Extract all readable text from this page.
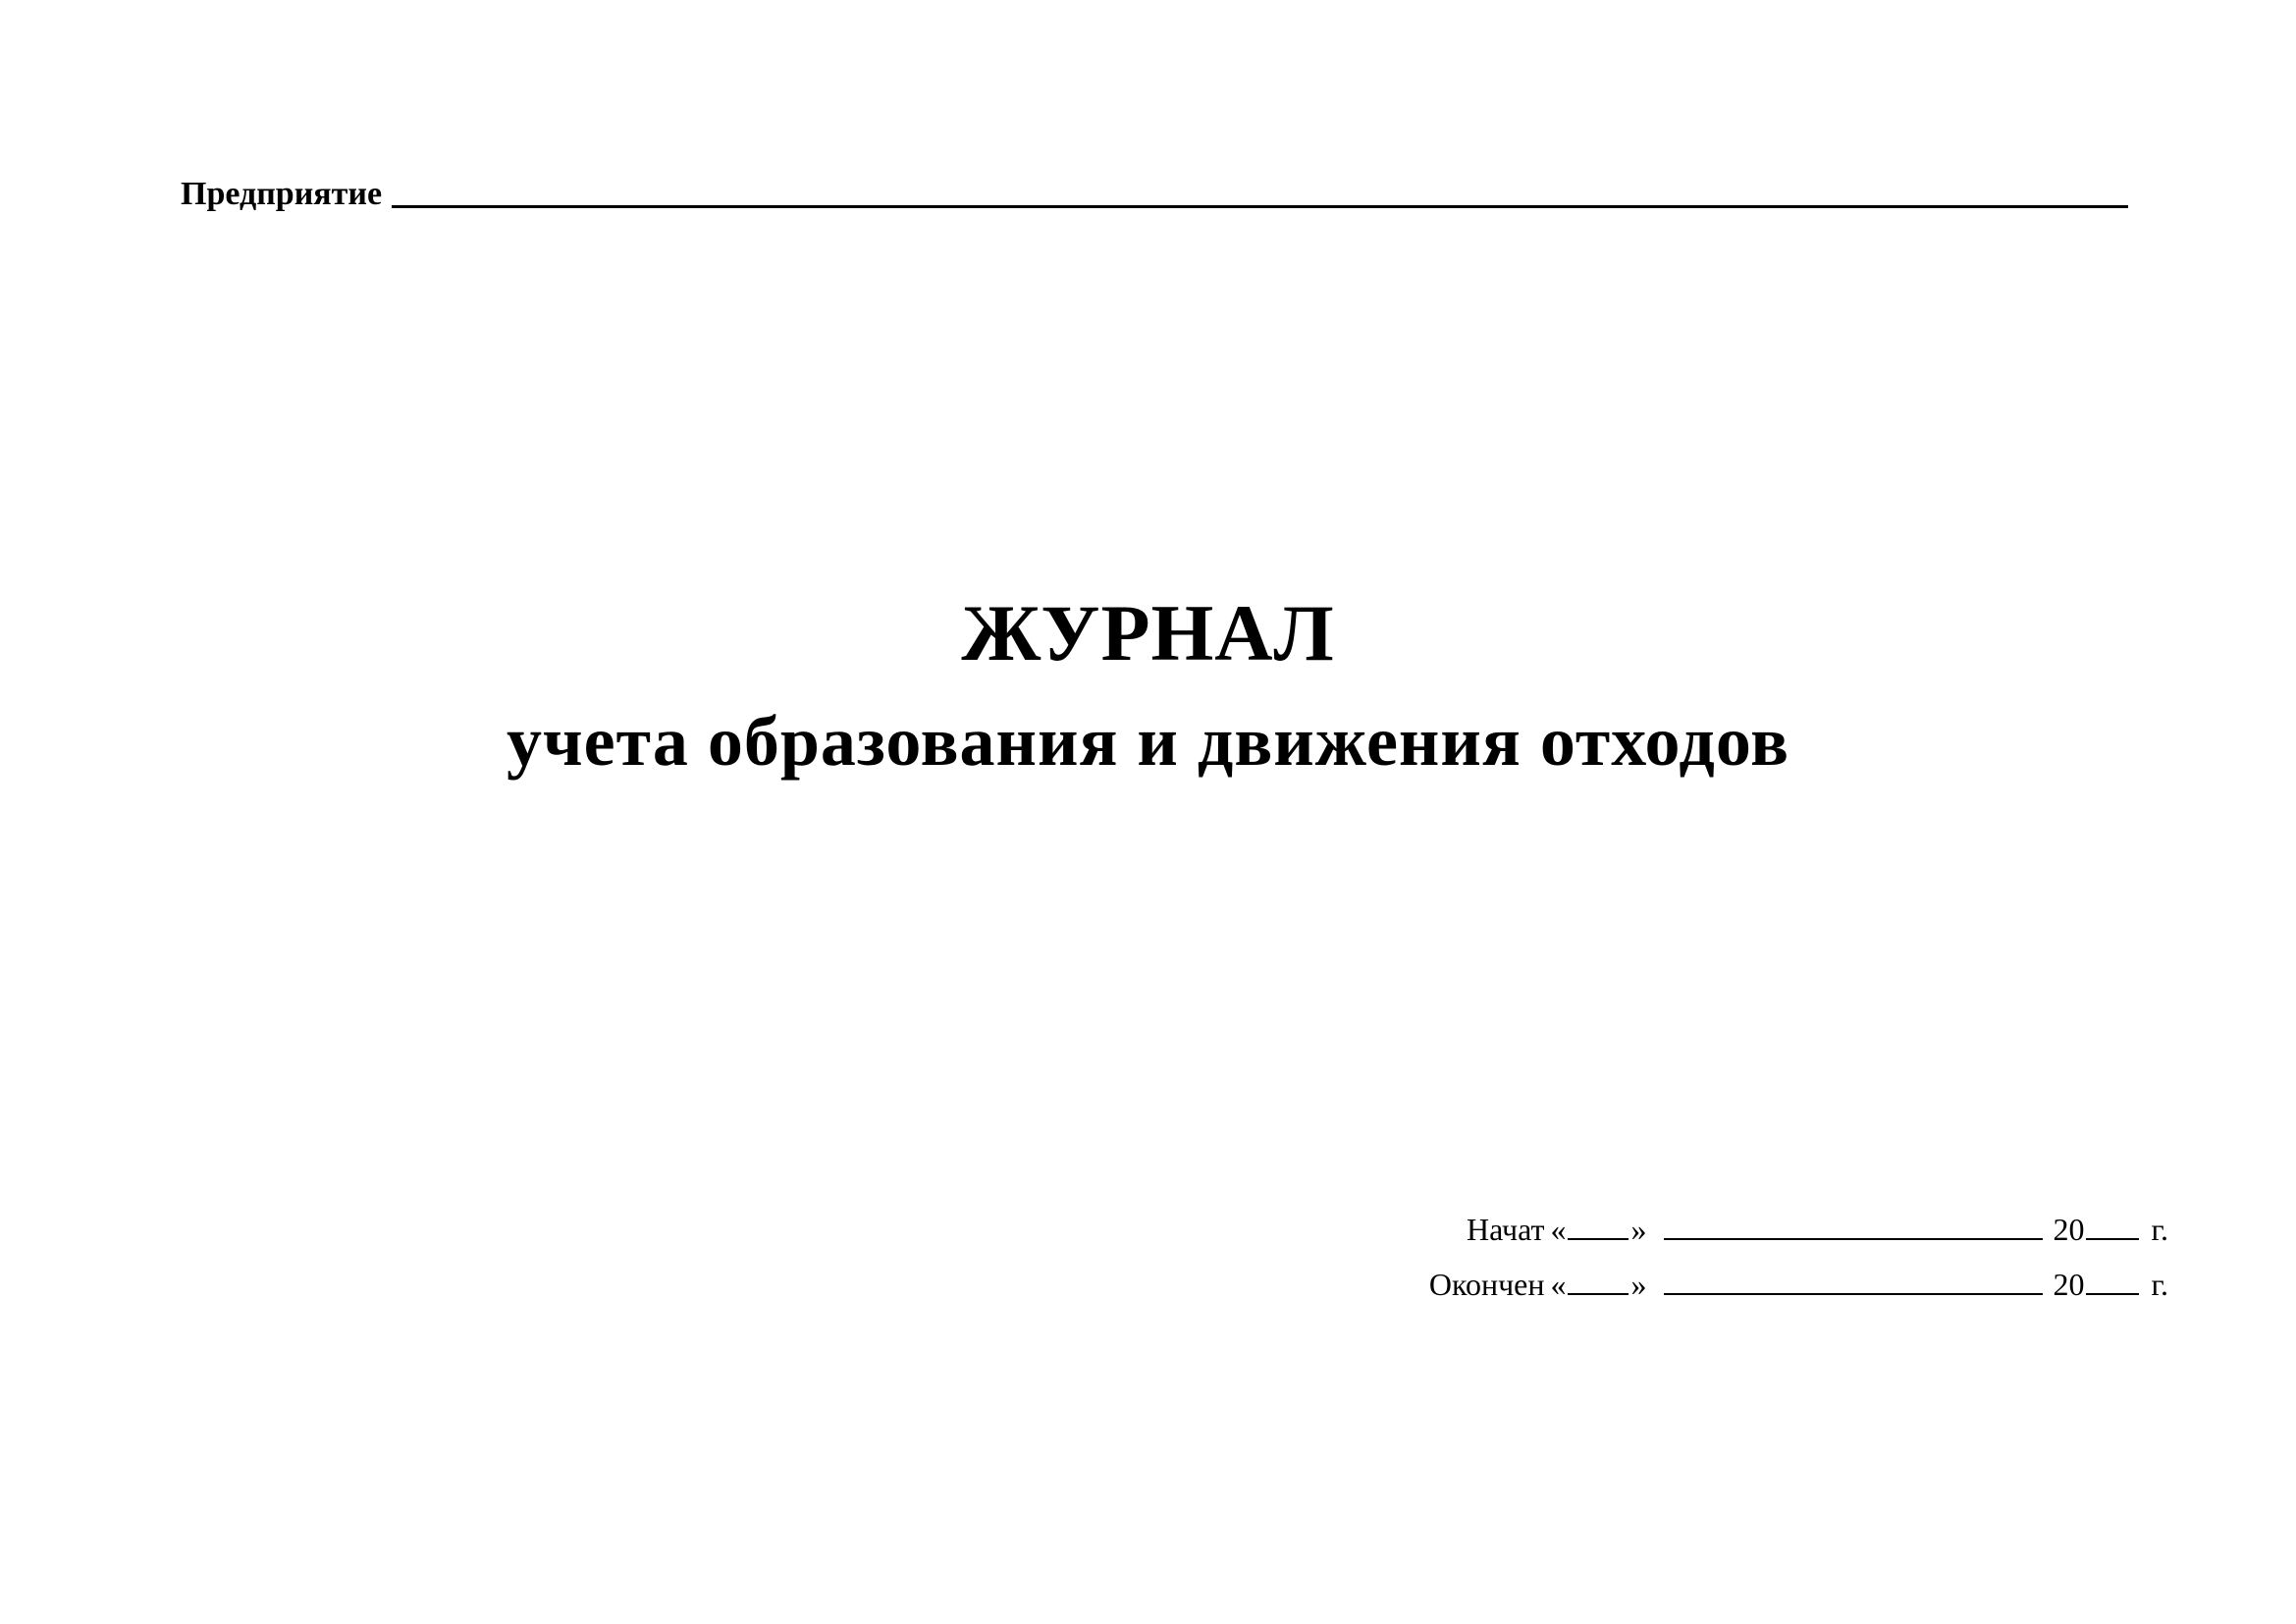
Предприятие
ЖУРНАЛ
учета образования и движения отходов
Начат « »	20 г.
Окончен « »	20 г.
